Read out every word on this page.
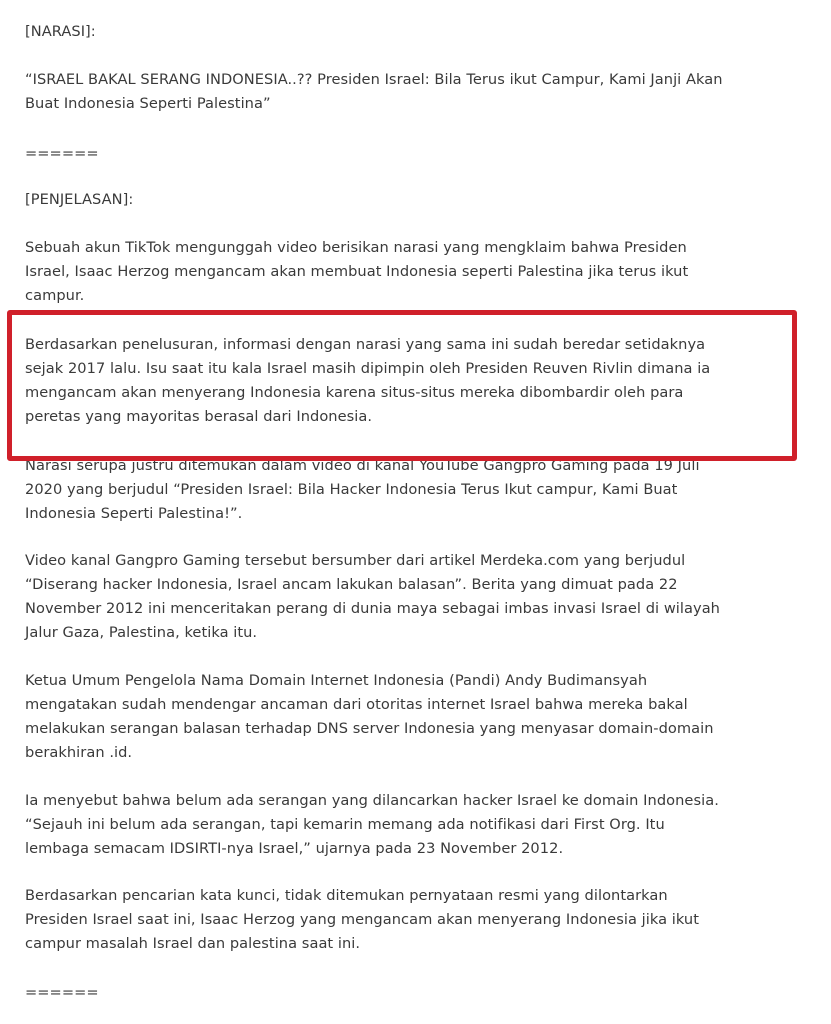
[NARASI]:

“ISRAEL BAKAL SERANG INDONESIA..?? Presiden Israel: Bila Terus ikut Campur, Kami Janji Akan Buat Indonesia Seperti Palestina”

======

[PENJELASAN]:

Sebuah akun TikTok mengunggah video berisikan narasi yang mengklaim bahwa Presiden Israel, Isaac Herzog mengancam akan membuat Indonesia seperti Palestina jika terus ikut campur.

Berdasarkan penelusuran, informasi dengan narasi yang sama ini sudah beredar setidaknya sejak 2017 lalu. Isu saat itu kala Israel masih dipimpin oleh Presiden Reuven Rivlin dimana ia mengancam akan menyerang Indonesia karena situs-situs mereka dibombardir oleh para peretas yang mayoritas berasal dari Indonesia.

Narasi serupa justru ditemukan dalam video di kanal YouTube Gangpro Gaming pada 19 Juli 2020 yang berjudul “Presiden Israel: Bila Hacker Indonesia Terus Ikut campur, Kami Buat Indonesia Seperti Palestina!”.

Video kanal Gangpro Gaming tersebut bersumber dari artikel Merdeka.com yang berjudul “Diserang hacker Indonesia, Israel ancam lakukan balasan”. Berita yang dimuat pada 22 November 2012 ini menceritakan perang di dunia maya sebagai imbas invasi Israel di wilayah Jalur Gaza, Palestina, ketika itu.

Ketua Umum Pengelola Nama Domain Internet Indonesia (Pandi) Andy Budimansyah mengatakan sudah mendengar ancaman dari otoritas internet Israel bahwa mereka bakal melakukan serangan balasan terhadap DNS server Indonesia yang menyasar domain-domain berakhiran .id.

Ia menyebut bahwa belum ada serangan yang dilancarkan hacker Israel ke domain Indonesia. “Sejauh ini belum ada serangan, tapi kemarin memang ada notifikasi dari First Org. Itu lembaga semacam IDSIRTI-nya Israel,” ujarnya pada 23 November 2012.

Berdasarkan pencarian kata kunci, tidak ditemukan pernyataan resmi yang dilontarkan Presiden Israel saat ini, Isaac Herzog yang mengancam akan menyerang Indonesia jika ikut campur masalah Israel dan palestina saat ini.

======
